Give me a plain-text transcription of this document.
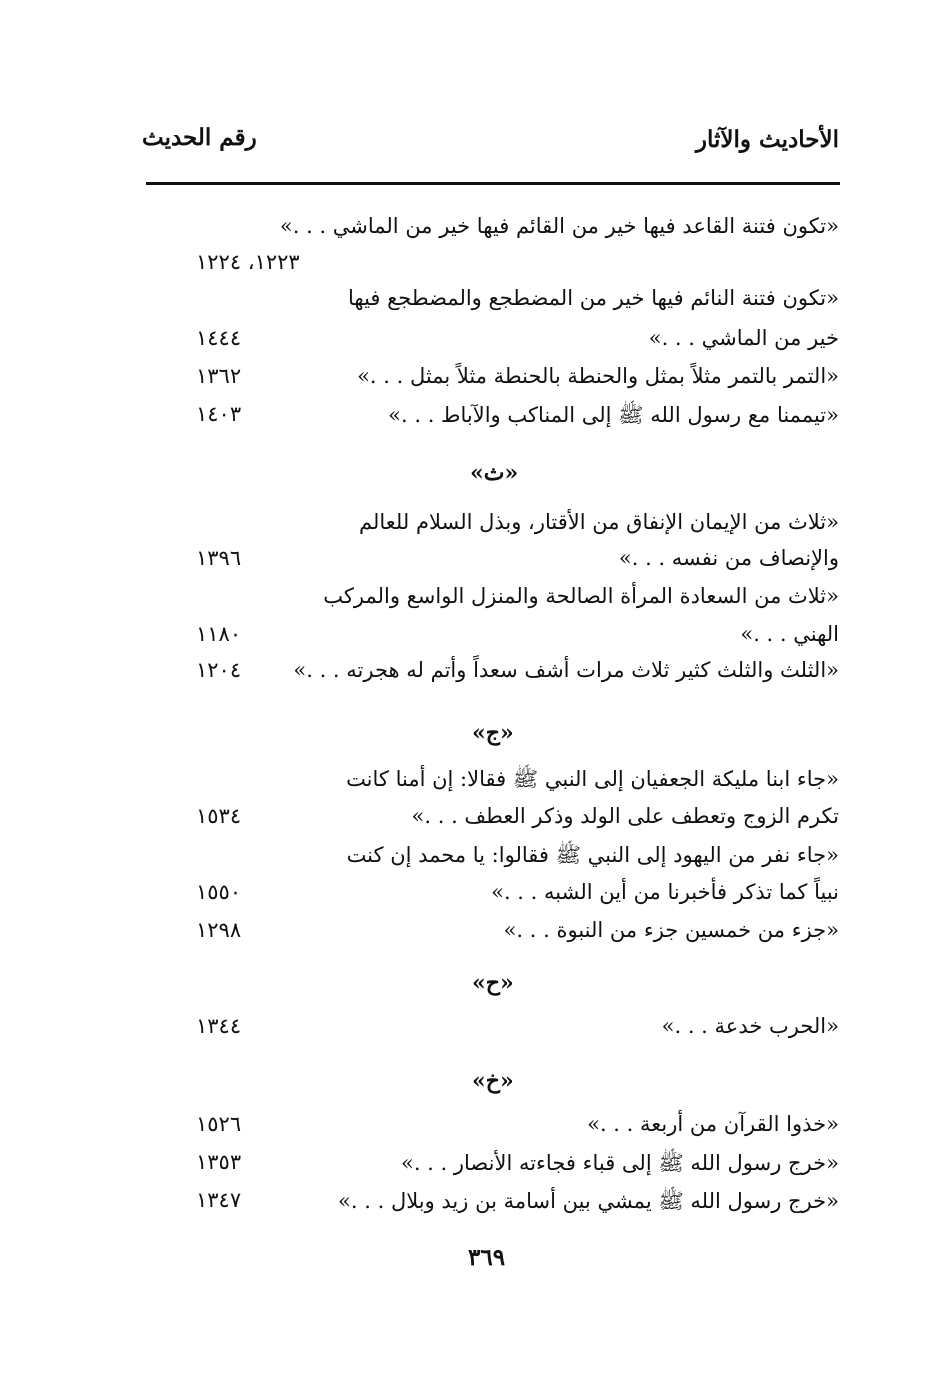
الأحاديث والآثار
رقم الحديث
«تكون فتنة القاعد فيها خير من القائم فيها خير من الماشي . . .»
١٢٢٣، ١٢٢٤
«تكون فتنة النائم فيها خير من المضطجع والمضطجع فيها
خير من الماشي . . .»
١٤٤٤
«التمر بالتمر مثلاً بمثل والحنطة بالحنطة مثلاً بمثل . . .»
١٣٦٢
«تيممنا مع رسول الله ﷺ إلى المناكب والآباط . . .»
١٤٠٣
«ث»
«ثلاث من الإيمان الإنفاق من الأقتار، وبذل السلام للعالم
والإنصاف من نفسه . . .»
١٣٩٦
«ثلاث من السعادة المرأة الصالحة والمنزل الواسع والمركب
الهني . . .»
١١٨٠
«الثلث والثلث كثير ثلاث مرات أشف سعداً وأتم له هجرته . . .»
١٢٠٤
«ج»
«جاء ابنا مليكة الجعفيان إلى النبي ﷺ فقالا: إن أمنا كانت
تكرم الزوج وتعطف على الولد وذكر العطف . . .»
١٥٣٤
«جاء نفر من اليهود إلى النبي ﷺ فقالوا: يا محمد إن كنت
نبياً كما تذكر فأخبرنا من أين الشبه . . .»
١٥٥٠
«جزء من خمسين جزء من النبوة . . .»
١٢٩٨
«ح»
«الحرب خدعة . . .»
١٣٤٤
«خ»
«خذوا القرآن من أربعة . . .»
١٥٢٦
«خرج رسول الله ﷺ إلى قباء فجاءته الأنصار . . .»
١٣٥٣
«خرج رسول الله ﷺ يمشي بين أسامة بن زيد وبلال . . .»
١٣٤٧
٣٦٩
